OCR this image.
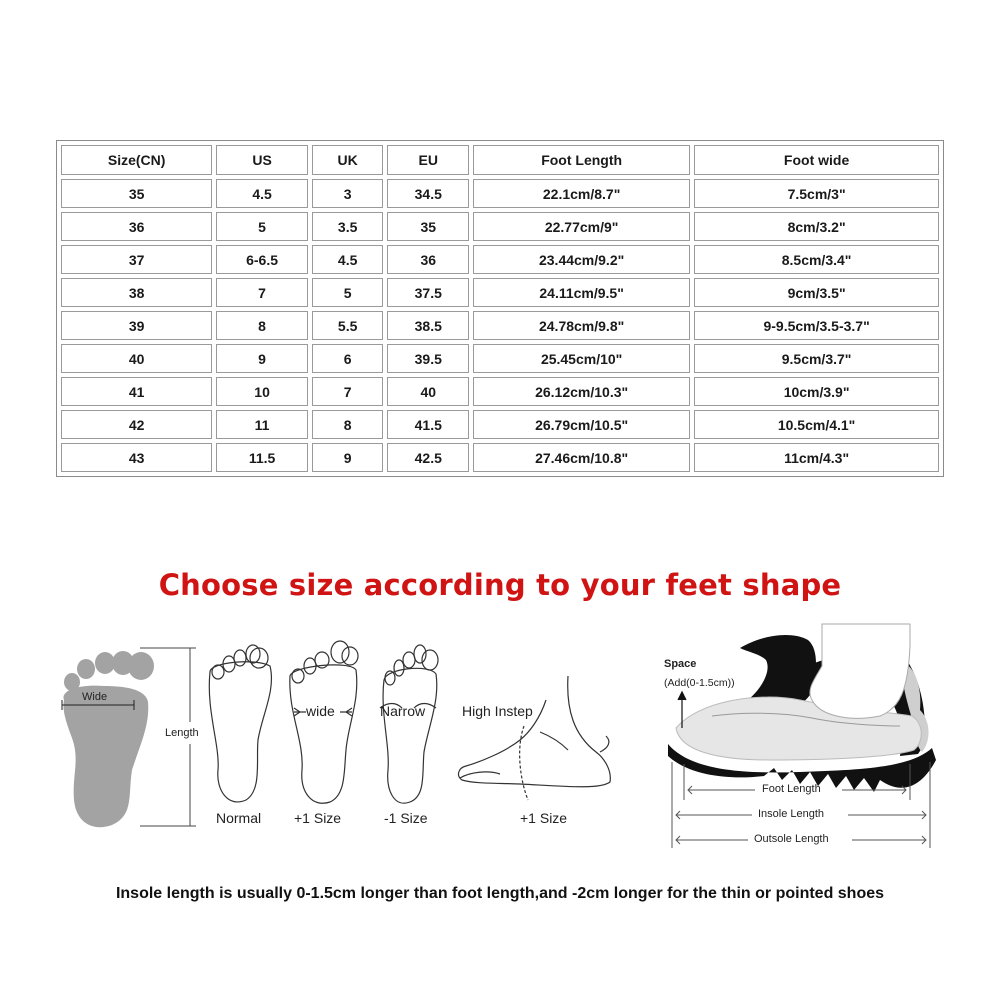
Size(CN)	US	UK	EU	Foot Length	Foot wide
35	4.5	3	34.5	22.1cm/8.7"	7.5cm/3"
36	5	3.5	35	22.77cm/9"	8cm/3.2"
37	6-6.5	4.5	36	23.44cm/9.2"	8.5cm/3.4"
38	7	5	37.5	24.11cm/9.5"	9cm/3.5"
39	8	5.5	38.5	24.78cm/9.8"	9-9.5cm/3.5-3.7"
40	9	6	39.5	25.45cm/10"	9.5cm/3.7"
41	10	7	40	26.12cm/10.3"	10cm/3.9"
42	11	8	41.5	26.79cm/10.5"	10.5cm/4.1"
43	11.5	9	42.5	27.46cm/10.8"	11cm/4.3"
Choose size according to your feet shape
Wide
Length
Normal
wide
+1 Size
Narrow
-1 Size
High Instep
+1 Size
Space
(Add(0-1.5cm))
Foot Length
Insole Length
Outsole Length
Insole length is usually 0-1.5cm longer than foot length,and -2cm longer for the thin or pointed shoes
